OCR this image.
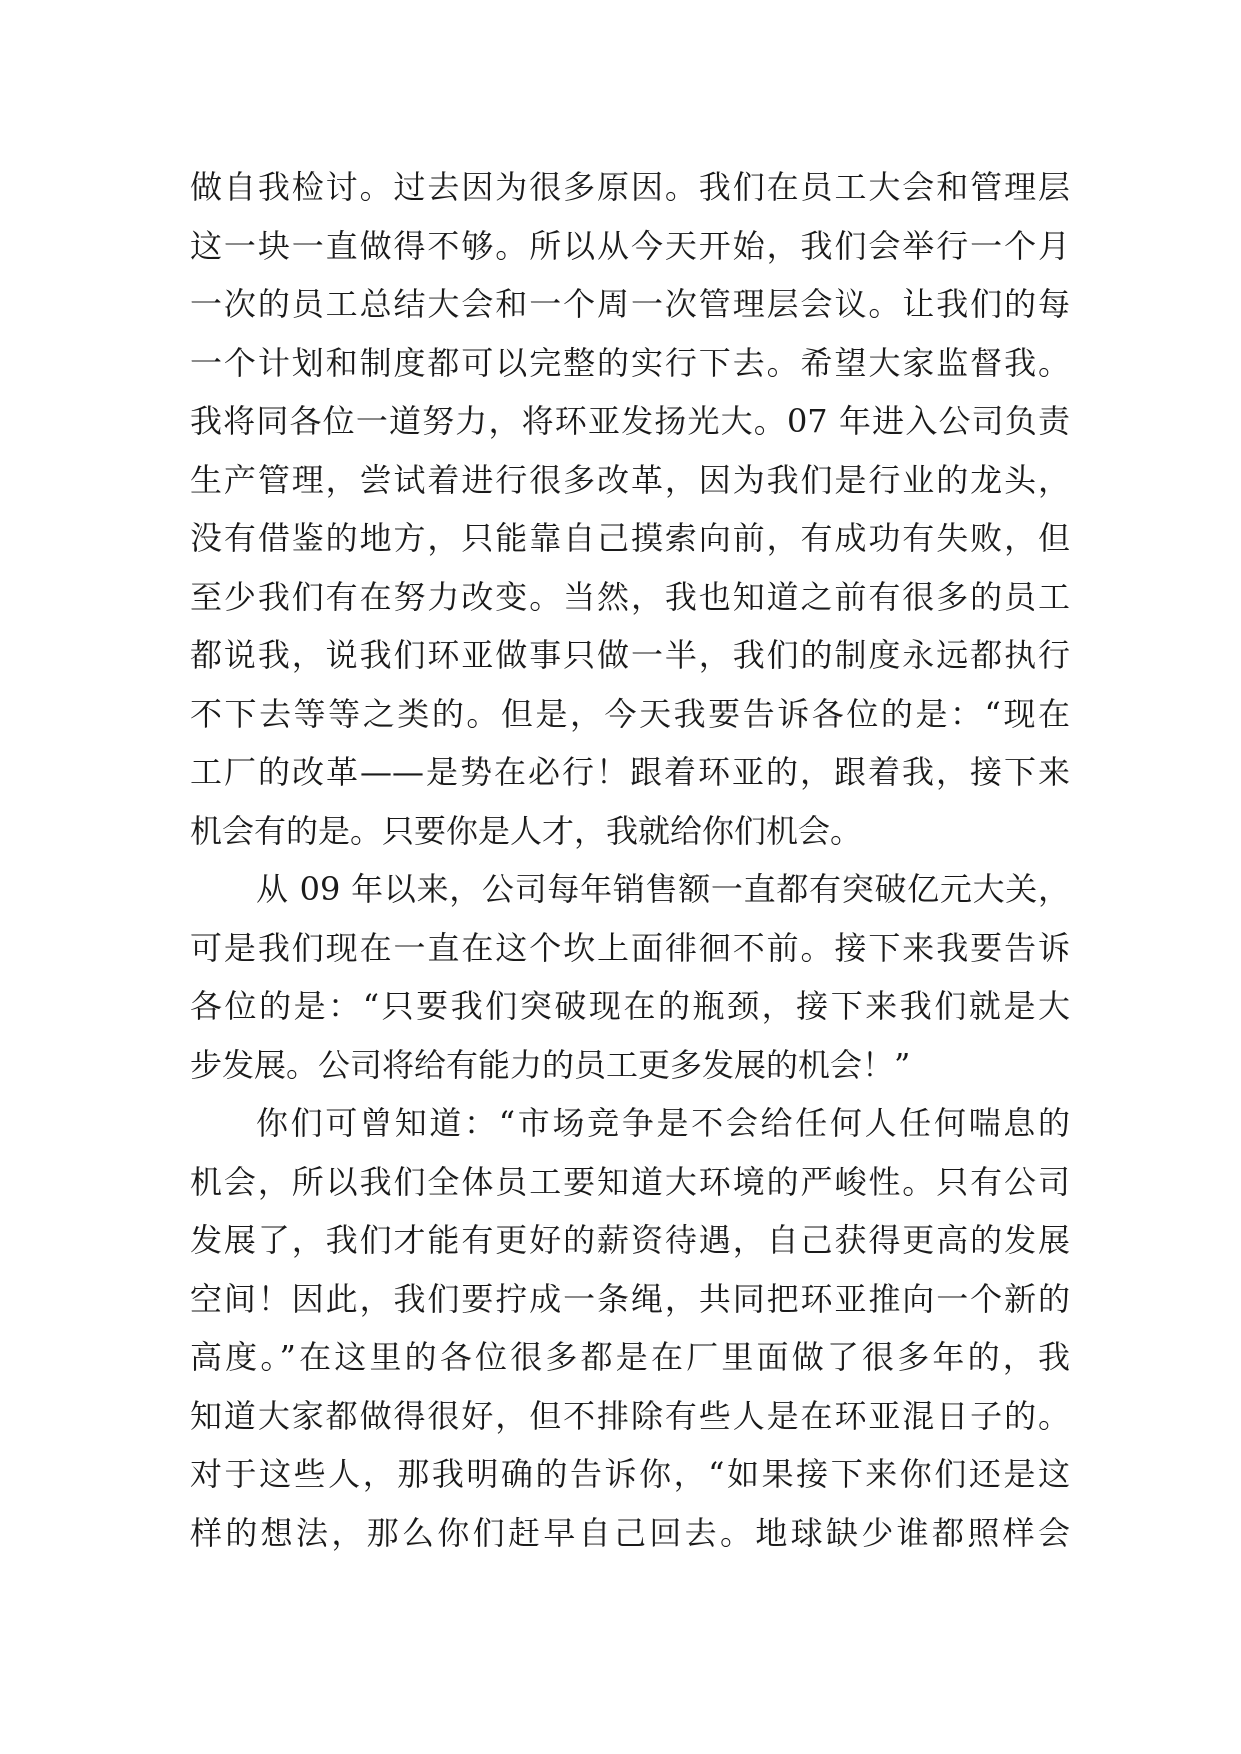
做自我检讨。过去因为很多原因。我们在员工大会和管理层
这一块一直做得不够。所以从今天开始，我们会举行一个月
一次的员工总结大会和一个周一次管理层会议。让我们的每
一个计划和制度都可以完整的实行下去。希望大家监督我。
我将同各位一道努力，将环亚发扬光大。07 年进入公司负责
生产管理，尝试着进行很多改革，因为我们是行业的龙头，
没有借鉴的地方，只能靠自己摸索向前，有成功有失败，但
至少我们有在努力改变。当然，我也知道之前有很多的员工
都说我，说我们环亚做事只做一半，我们的制度永远都执行
不下去等等之类的。但是，今天我要告诉各位的是：“现在
工厂的改革——是势在必行！跟着环亚的，跟着我，接下来
机会有的是。只要你是人才，我就给你们机会。
从 09 年以来，公司每年销售额一直都有突破亿元大关，
可是我们现在一直在这个坎上面徘徊不前。接下来我要告诉
各位的是：“只要我们突破现在的瓶颈，接下来我们就是大
步发展。公司将给有能力的员工更多发展的机会！”
你们可曾知道：“市场竞争是不会给任何人任何喘息的
机会，所以我们全体员工要知道大环境的严峻性。只有公司
发展了，我们才能有更好的薪资待遇，自己获得更高的发展
空间！因此，我们要拧成一条绳，共同把环亚推向一个新的
高度。”在这里的各位很多都是在厂里面做了很多年的，我
知道大家都做得很好，但不排除有些人是在环亚混日子的。
对于这些人，那我明确的告诉你，“如果接下来你们还是这
样的想法，那么你们赶早自己回去。地球缺少谁都照样会
